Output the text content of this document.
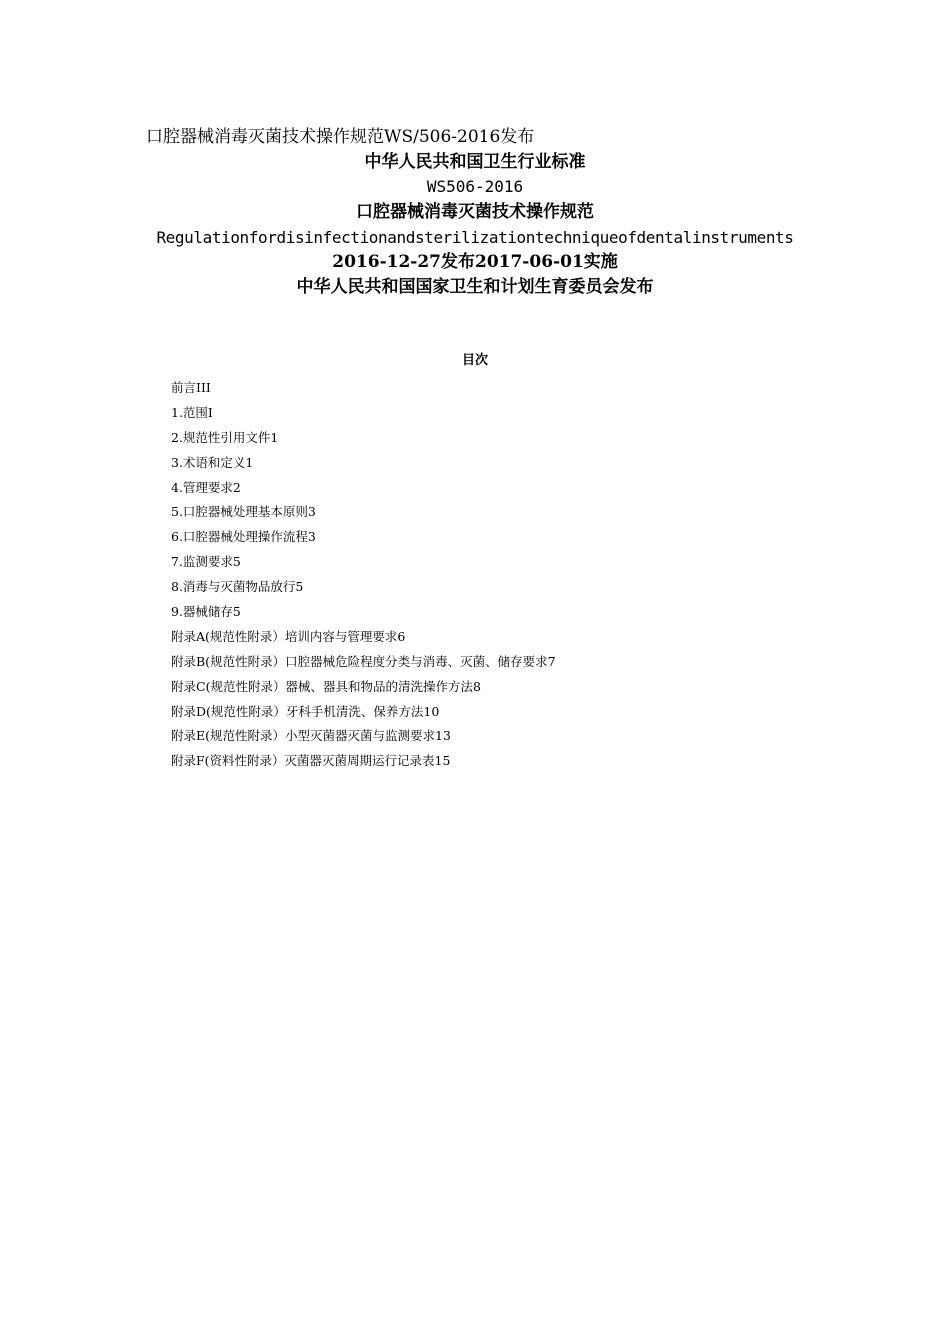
口腔器械消毒灭菌技术操作规范WS/506-2016发布
中华人民共和国卫生行业标准
WS506-2016
口腔器械消毒灭菌技术操作规范
Regulationfordisinfectionandsterilizationtechniqueofdentalinstruments
2016-12-27发布2017-06-01实施
中华人民共和国国家卫生和计划生育委员会发布
目次
前言III
1.范围I
2.规范性引用文件1
3.术语和定义1
4.管理要求2
5.口腔器械处理基本原则3
6.口腔器械处理操作流程3
7.监测要求5
8.消毒与灭菌物品放行5
9.器械储存5
附录A(规范性附录）培训内容与管理要求6
附录B(规范性附录）口腔器械危险程度分类与消毒、灭菌、储存要求7
附录C(规范性附录）器械、器具和物品的清洗操作方法8
附录D(规范性附录）牙科手机清洗、保养方法10
附录E(规范性附录）小型灭菌器灭菌与监测要求13
附录F(资料性附录）灭菌器灭菌周期运行记录表15
